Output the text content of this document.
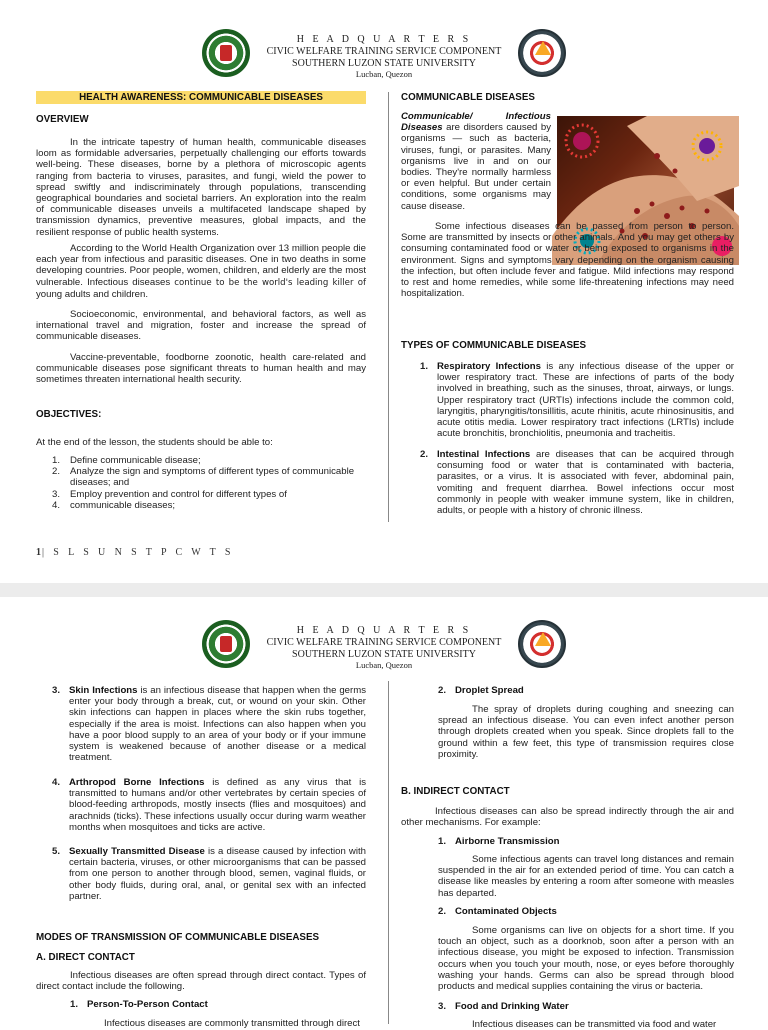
H E A D Q U A R T E R S
CIVIC WELFARE TRAINING SERVICE COMPONENT
SOUTHERN LUZON STATE UNIVERSITY
Lucban, Quezon
HEALTH AWARENESS: COMMUNICABLE DISEASES
OVERVIEW

In the intricate tapestry of human health, communicable diseases loom as formidable adversaries, perpetually challenging our efforts towards well-being. These diseases, borne by a plethora of microscopic agents ranging from bacteria to viruses, parasites, and fungi, wield the power to spread swiftly and indiscriminately through populations, transcending geographical boundaries and societal barriers. An exploration into the realm of communicable diseases unveils a multifaceted landscape shaped by transmission dynamics, preventive measures, global impacts, and the resilient response of public health systems.

According to the World Health Organization over 13 million people die each year from infectious and parasitic diseases. One in two deaths in some developing countries. Poor people, women, children, and elderly are the most vulnerable. Infectious diseases continue to be the world's leading killer of young adults and children.

Socioeconomic, environmental, and behavioral factors, as well as international travel and migration, foster and increase the spread of communicable diseases.

Vaccine-preventable, foodborne zoonotic, health care-related and communicable diseases pose significant threats to human health and may sometimes threaten international health security.

OBJECTIVES:

At the end of the lesson, the students should be able to:

1. Define communicable disease;
2. Analyze the sign and symptoms of different types of communicable diseases; and
3. Employ prevention and control for different types of
4. communicable diseases;
COMMUNICABLE DISEASES

Communicable/ Infectious Diseases are disorders caused by organisms — such as bacteria, viruses, fungi, or parasites. Many organisms live in and on our bodies. They're normally harmless or even helpful. But under certain conditions, some organisms may cause disease.

Some infectious diseases can be passed from person to person. Some are transmitted by insects or other animals. And you may get others by consuming contaminated food or water or being exposed to organisms in the environment. Signs and symptoms vary depending on the organism causing the infection, but often include fever and fatigue. Mild infections may respond to rest and home remedies, while some life-threatening infections may need hospitalization.

TYPES OF COMMUNICABLE DISEASES
1. Respiratory Infections is any infectious disease of the upper or lower respiratory tract. These are infections of parts of the body involved in breathing, such as the sinuses, throat, airways, or lungs. Upper respiratory tract (URTIs) infections include the common cold, laryngitis, pharyngitis/tonsillitis, acute rhinitis, acute rhinosinusitis, and acute otitis media. Lower respiratory tract infections (LRTIs) include acute bronchitis, bronchiolitis, pneumonia and tracheitis.
2. Intestinal Infections are diseases that can be acquired through consuming food or water that is contaminated with bacteria, parasites, or a virus. It is associated with fever, abdominal pain, vomiting and frequent diarrhea. Bowel infections occur most commonly in people with weaker immune system, like in children, adults, or people with a history of chronic illness.
1| S L S U N S T P C W T S
H E A D Q U A R T E R S
CIVIC WELFARE TRAINING SERVICE COMPONENT
SOUTHERN LUZON STATE UNIVERSITY
Lucban, Quezon
3. Skin Infections is an infectious disease that happen when the germs enter your body through a break, cut, or wound on your skin. Other skin infections can happen in places where the skin rubs together, especially if the area is moist. Infections can also happen when you have a poor blood supply to an area of your body or if your immune system is weakened because of another disease or a medical treatment.
4. Arthropod Borne Infections is defined as any virus that is transmitted to humans and/or other vertebrates by certain species of blood-feeding arthropods, mostly insects (flies and mosquitoes) and arachnids (ticks). These infections usually occur during warm weather months when mosquitoes and ticks are active.
5. Sexually Transmitted Disease is a disease caused by infection with certain bacteria, viruses, or other microorganisms that can be passed from one person to another through blood, semen, vaginal fluids, or other body fluids, during oral, anal, or genital sex with an infected partner.
MODES OF TRANSMISSION OF COMMUNICABLE DISEASES
A. DIRECT CONTACT

Infectious diseases are often spread through direct contact. Types of direct contact include the following.

1. Person-To-Person Contact

Infectious diseases are commonly transmitted through direct

2. Droplet Spread

The spray of droplets during coughing and sneezing can spread an infectious disease. You can even infect another person through droplets created when you speak. Since droplets fall to the ground within a few feet, this type of transmission requires close proximity.

B. INDIRECT CONTACT

Infectious diseases can also be spread indirectly through the air and other mechanisms. For example:

1. Airborne Transmission

Some infectious agents can travel long distances and remain suspended in the air for an extended period of time. You can catch a disease like measles by entering a room after someone with measles has departed.

2. Contaminated Objects

Some organisms can live on objects for a short time. If you touch an object, such as a doorknob, soon after a person with an infectious disease, you might be exposed to infection. Transmission occurs when you touch your mouth, nose, or eyes before thoroughly washing your hands. Germs can also be spread through blood products and medical supplies containing the virus or bacteria.

3. Food and Drinking Water

Infectious diseases can be transmitted via food and water
